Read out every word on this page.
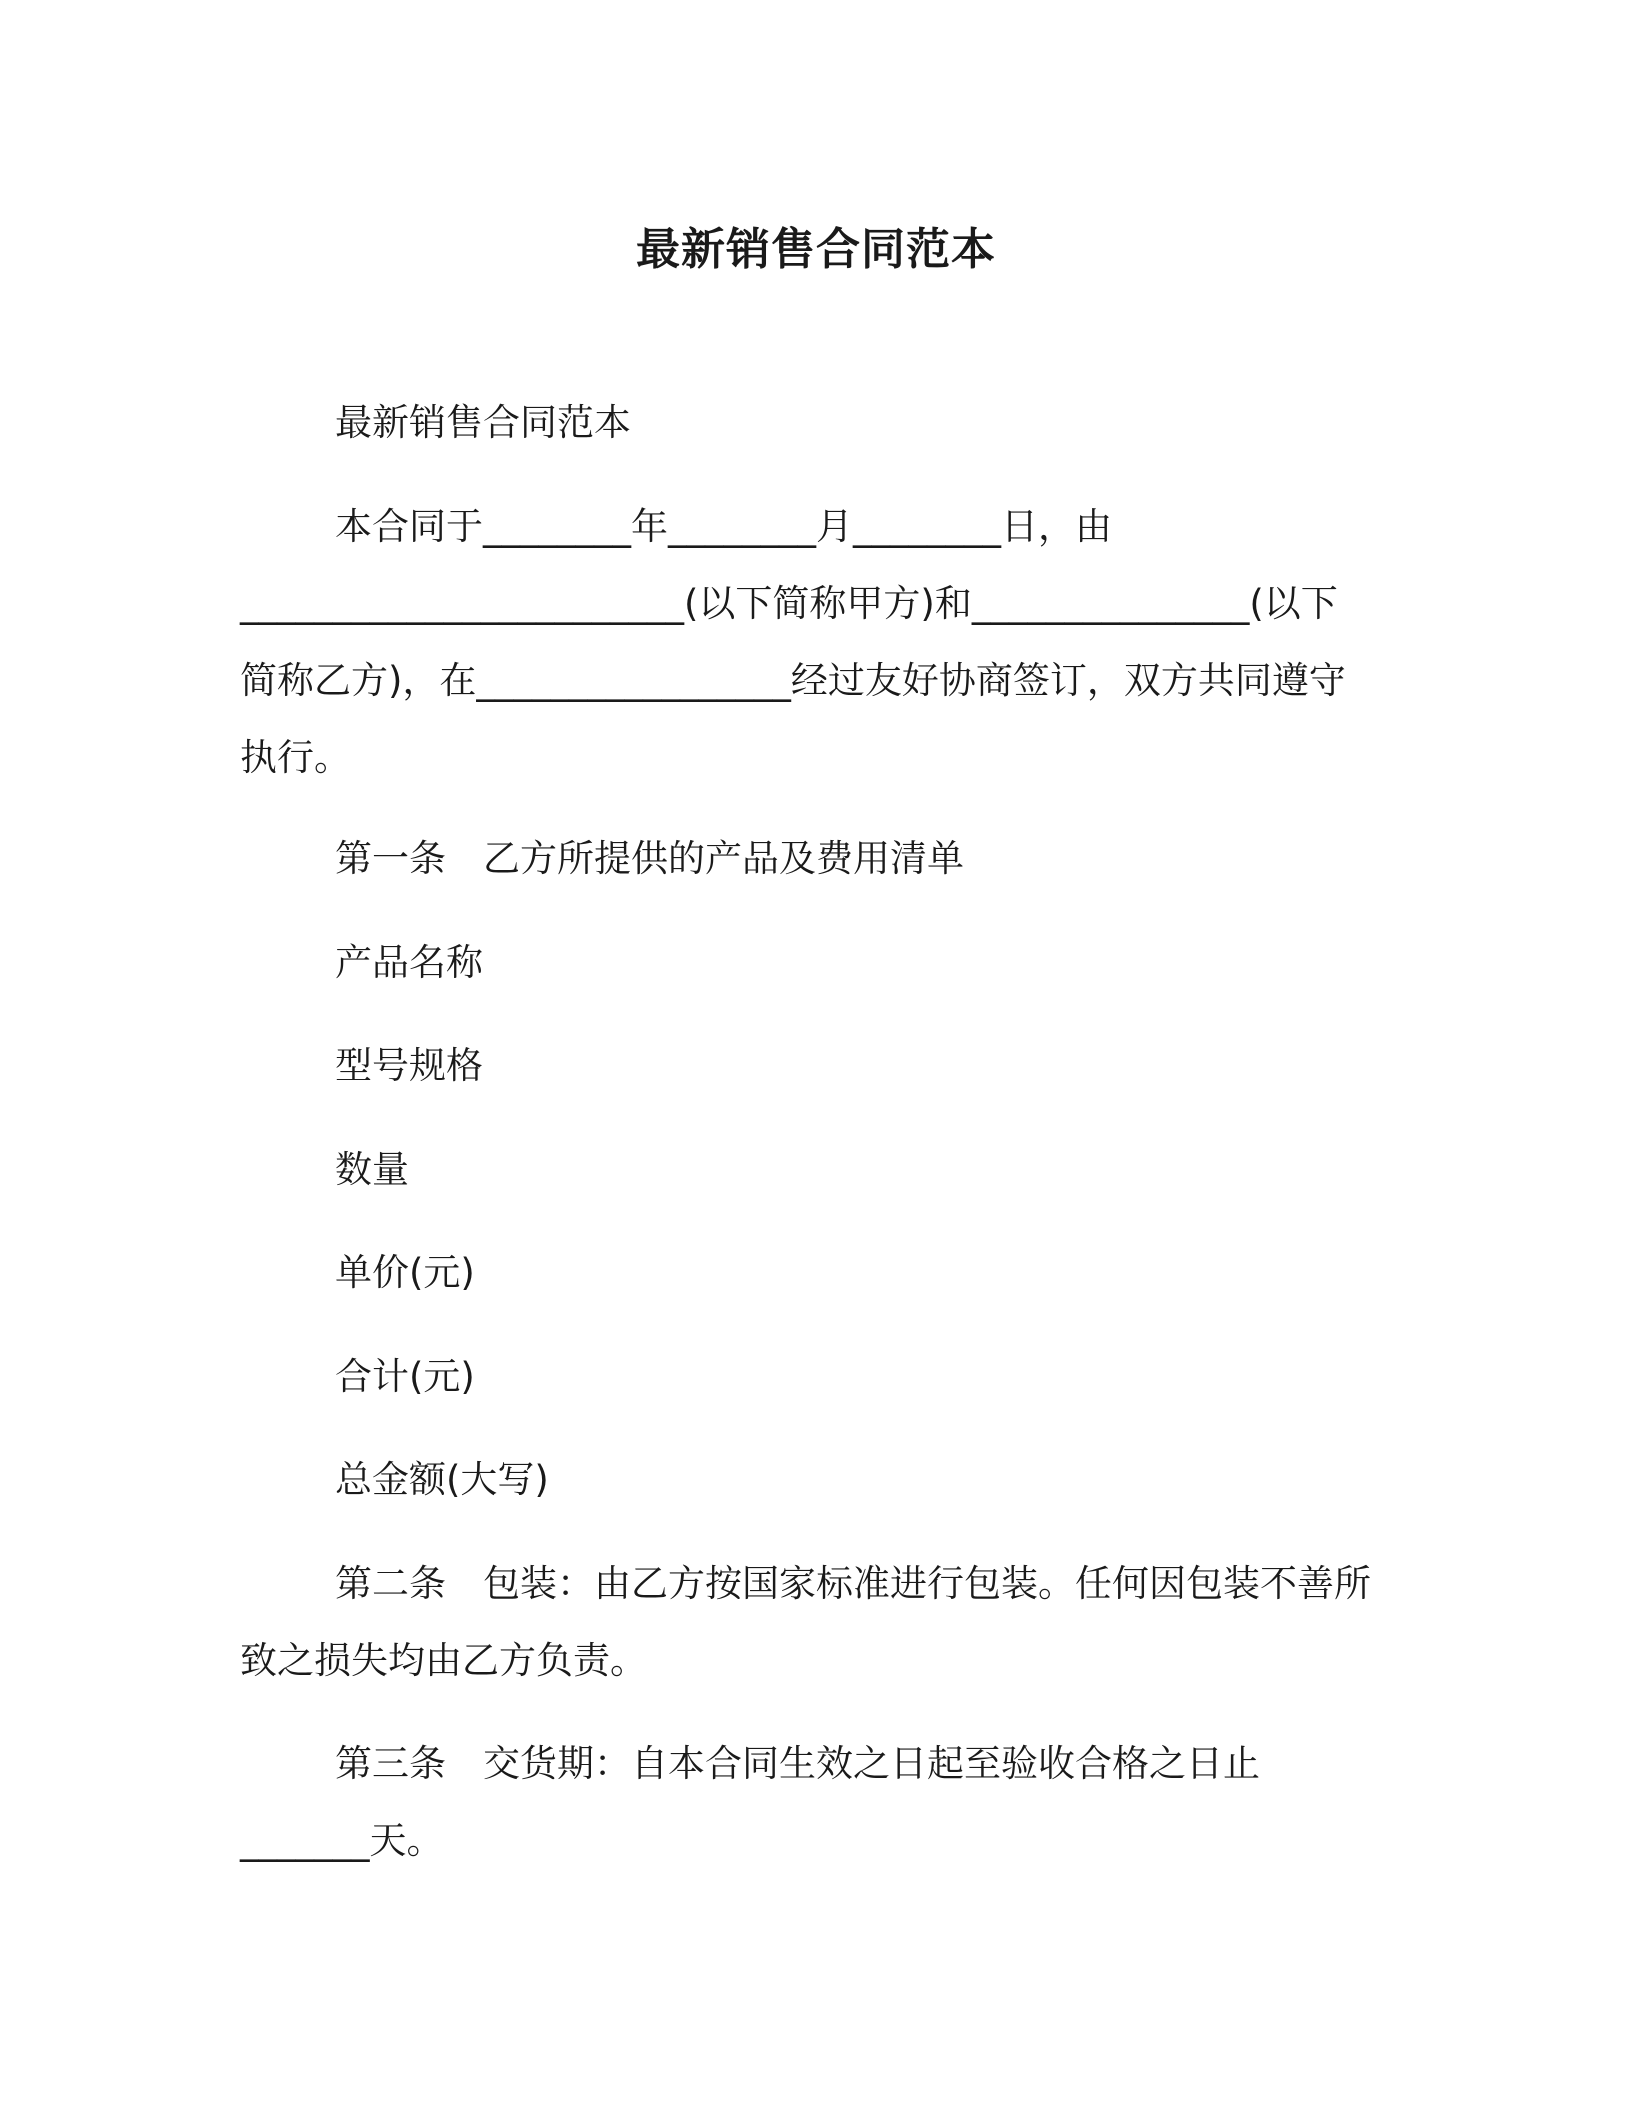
最新销售合同范本
最新销售合同范本
本合同于________年________月________日，由
________________________(以下简称甲方)和_______________(以下
简称乙方)，在_________________经过友好协商签订，双方共同遵守
执行。
第一条　乙方所提供的产品及费用清单
产品名称
型号规格
数量
单价(元)
合计(元)
总金额(大写)
第二条　包装：由乙方按国家标准进行包装。任何因包装不善所
致之损失均由乙方负责。
第三条　交货期：自本合同生效之日起至验收合格之日止
_______天。
